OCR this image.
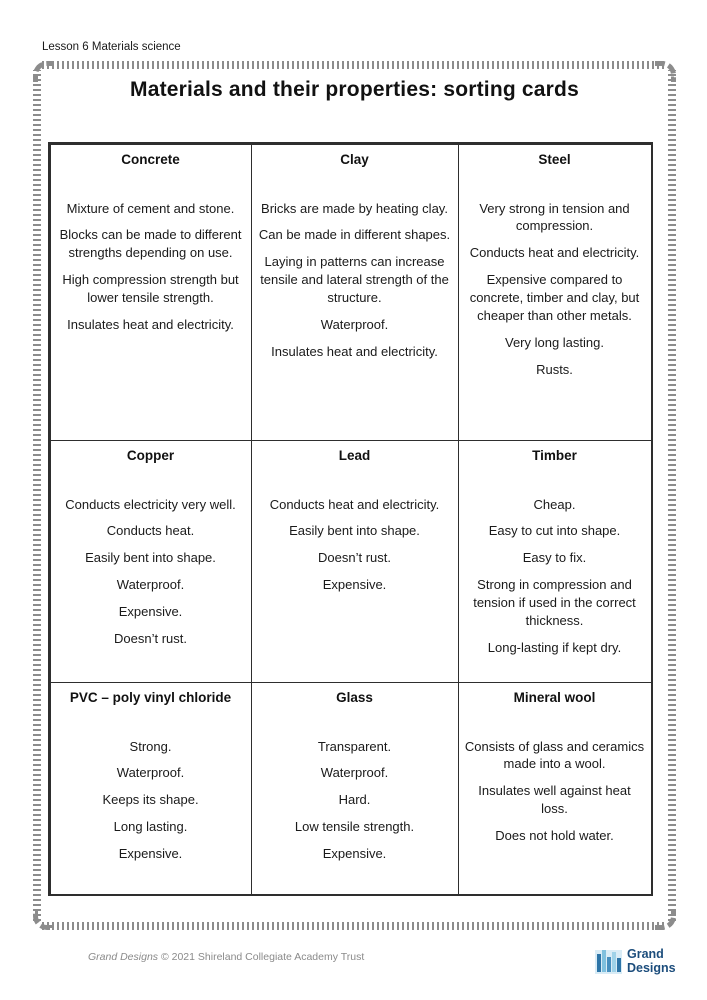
Lesson 6 Materials science
Materials and their properties: sorting cards
Concrete

Mixture of cement and stone.

Blocks can be made to different strengths depending on use.

High compression strength but lower tensile strength.

Insulates heat and electricity.

Clay

Bricks are made by heating clay.

Can be made in different shapes.

Laying in patterns can increase tensile and lateral strength of the structure.

Waterproof.

Insulates heat and electricity.

Steel

Very strong in tension and compression.

Conducts heat and electricity.

Expensive compared to concrete, timber and clay, but cheaper than other metals.

Very long lasting.

Rusts.

Copper

Conducts electricity very well.

Conducts heat.

Easily bent into shape.

Waterproof.

Expensive.

Doesn’t rust.

Lead

Conducts heat and electricity.

Easily bent into shape.

Doesn’t rust.

Expensive.

Timber

Cheap.

Easy to cut into shape.

Easy to fix.

Strong in compression and tension if used in the correct thickness.

Long-lasting if kept dry.

PVC – poly vinyl chloride

Strong.

Waterproof.

Keeps its shape.

Long lasting.

Expensive.

Glass

Transparent.

Waterproof.

Hard.

Low tensile strength.

Expensive.

Mineral wool

Consists of glass and ceramics made into a wool.

Insulates well against heat loss.

Does not hold water.

Grand Designs © 2021 Shireland Collegiate Academy Trust	Grand
Designs
